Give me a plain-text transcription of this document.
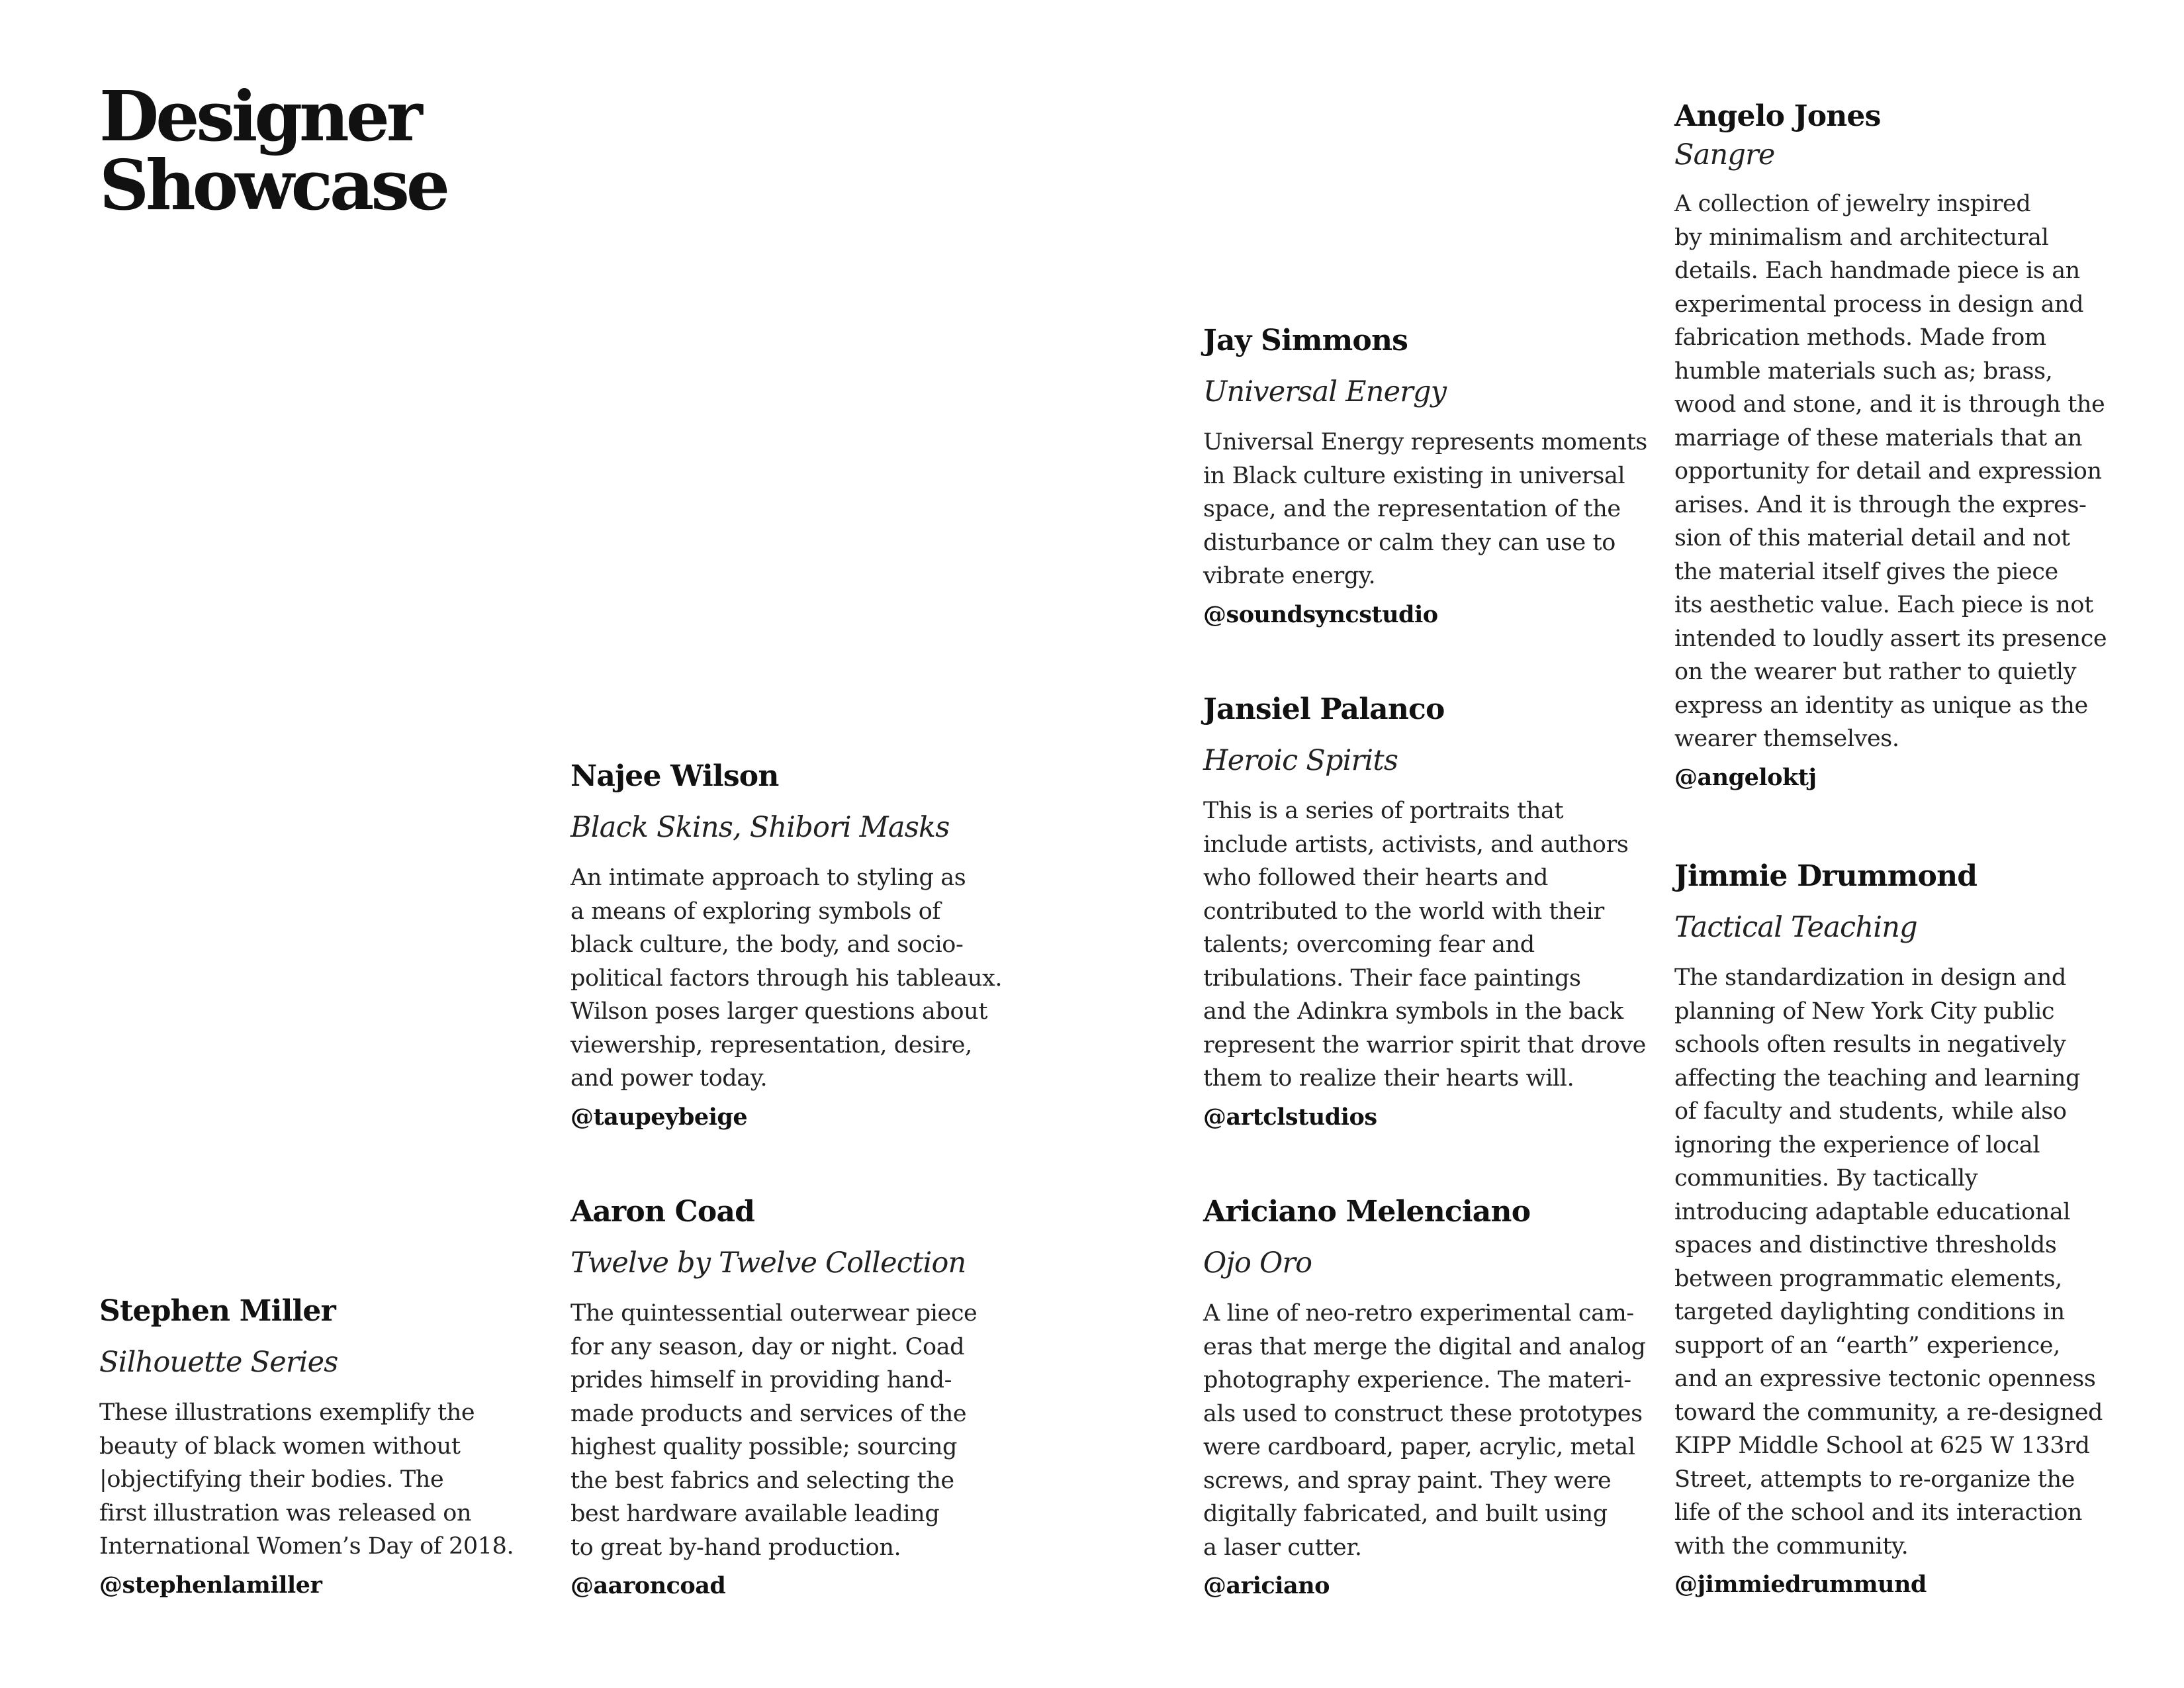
Designer
Showcase

Stephen Miller

Silhouette Series

These illustrations exemplify the
beauty of black women without
|objectifying their bodies. The
first illustration was released on
International Women’s Day of 2018.

@stephenlamiller

Najee Wilson

Black Skins, Shibori Masks

An intimate approach to styling as
a means of exploring symbols of
black culture, the body, and socio-
political factors through his tableaux.
Wilson poses larger questions about
viewership, representation, desire,
and power today.

@taupeybeige

Aaron Coad

Twelve by Twelve Collection

The quintessential outerwear piece
for any season, day or night. Coad
prides himself in providing hand-
made products and services of the
highest quality possible; sourcing
the best fabrics and selecting the
best hardware available leading
to great by-hand production.

@aaroncoad

Jay Simmons

Universal Energy

Universal Energy represents moments
in Black culture existing in universal
space, and the representation of the
disturbance or calm they can use to
vibrate energy.

@soundsyncstudio

Jansiel Palanco

Heroic Spirits

This is a series of portraits that
include artists, activists, and authors
who followed their hearts and
contributed to the world with their
talents; overcoming fear and
tribulations. Their face paintings
and the Adinkra symbols in the back
represent the warrior spirit that drove
them to realize their hearts will.

@artclstudios

Ariciano Melenciano

Ojo Oro

A line of neo-retro experimental cam-
eras that merge the digital and analog
photography experience. The materi-
als used to construct these prototypes
were cardboard, paper, acrylic, metal
screws, and spray paint. They were
digitally fabricated, and built using
a laser cutter.

@ariciano

Angelo Jones

Sangre

A collection of jewelry inspired
by minimalism and architectural
details. Each handmade piece is an
experimental process in design and
fabrication methods. Made from
humble materials such as; brass,
wood and stone, and it is through the
marriage of these materials that an
opportunity for detail and expression
arises. And it is through the expres-
sion of this material detail and not
the material itself gives the piece
its aesthetic value. Each piece is not
intended to loudly assert its presence
on the wearer but rather to quietly
express an identity as unique as the
wearer themselves.

@angeloktj

Jimmie Drummond

Tactical Teaching

The standardization in design and
planning of New York City public
schools often results in negatively
affecting the teaching and learning
of faculty and students, while also
ignoring the experience of local
communities. By tactically
introducing adaptable educational
spaces and distinctive thresholds
between programmatic elements,
targeted daylighting conditions in
support of an “earth” experience,
and an expressive tectonic openness
toward the community, a re-designed
KIPP Middle School at 625 W 133rd
Street, attempts to re-organize the
life of the school and its interaction
with the community.

@jimmiedrummund
